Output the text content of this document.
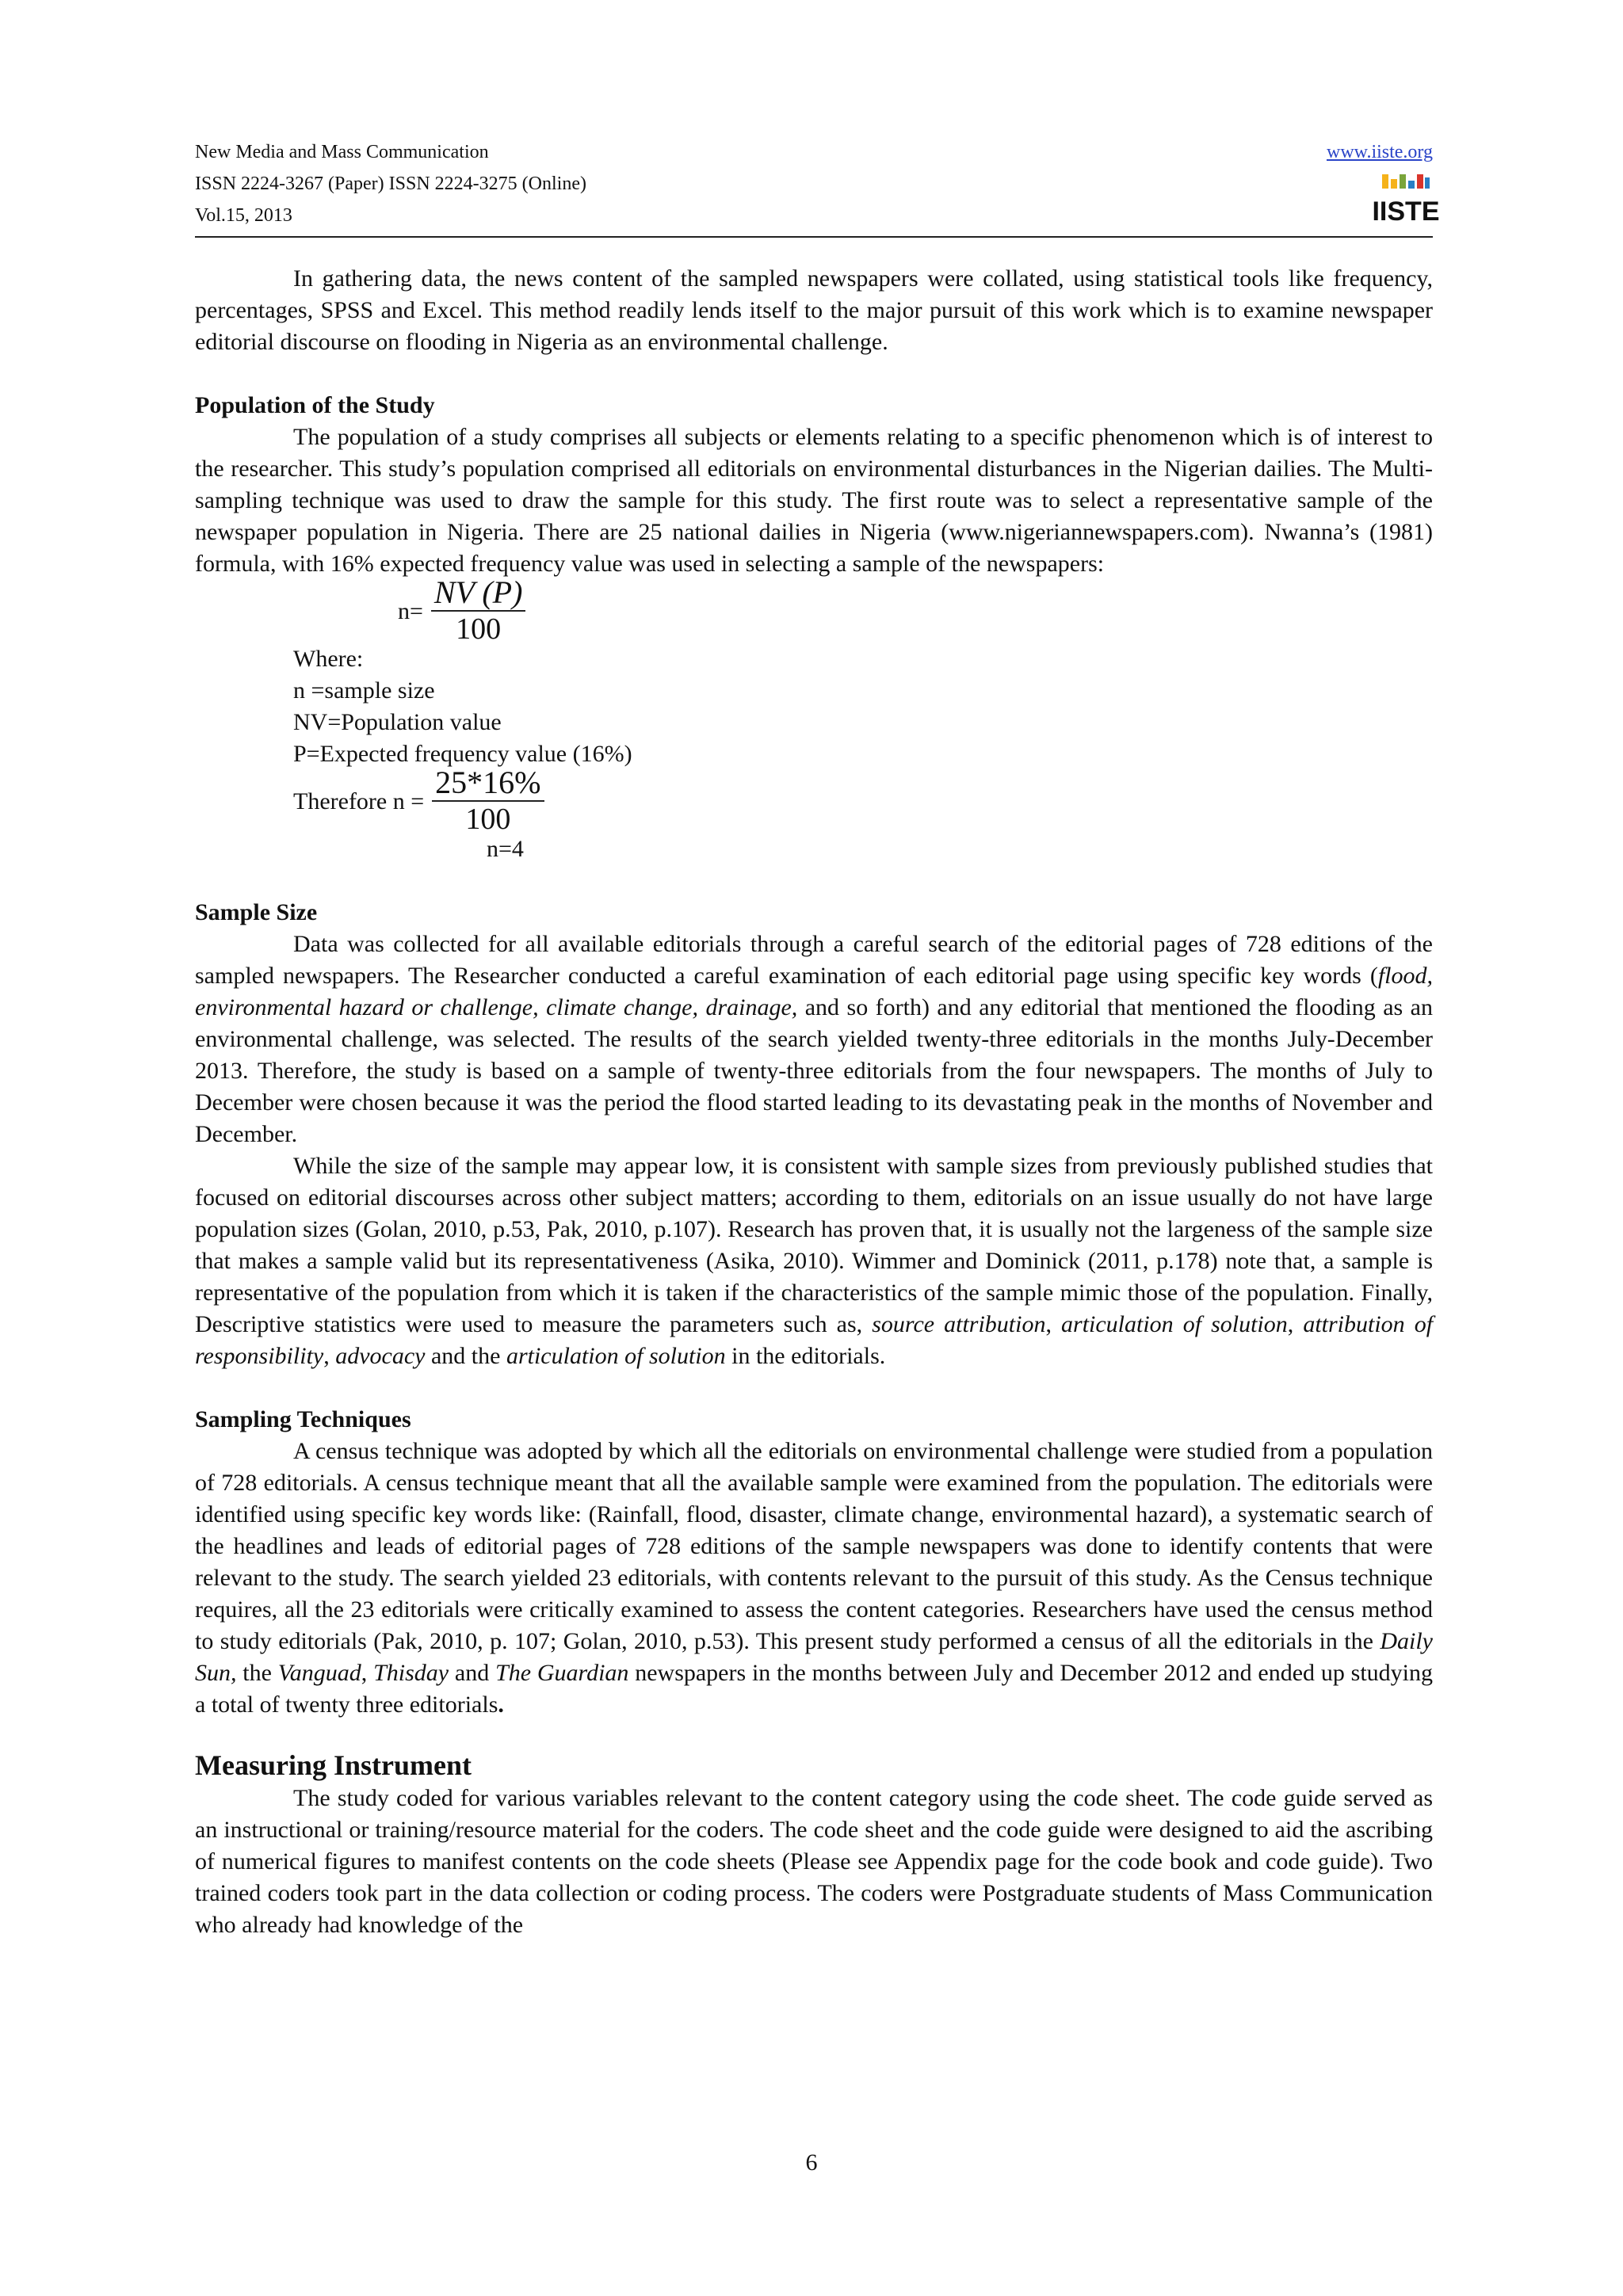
New Media and Mass Communication
ISSN 2224-3267 (Paper) ISSN 2224-3275 (Online)
Vol.15, 2013
www.iiste.org
IISTE

In gathering data, the news content of the sampled newspapers were collated, using statistical tools like frequency, percentages, SPSS and Excel. This method readily lends itself to the major pursuit of this work which is to examine newspaper editorial discourse on flooding in Nigeria as an environmental challenge.

Population of the Study

The population of a study comprises all subjects or elements relating to a specific phenomenon which is of interest to the researcher. This study’s population comprised all editorials on environmental disturbances in the Nigerian dailies. The Multi-sampling technique was used to draw the sample for this study. The first route was to select a representative sample of the newspaper population in Nigeria. There are 25 national dailies in Nigeria (www.nigeriannewspapers.com). Nwanna’s (1981) formula, with 16% expected frequency value was used in selecting a sample of the newspapers:

$n= \frac{NV (P)}{100}$
Where:
n =sample size
NV=Population value
P=Expected frequency value (16%)
Therefore $n = \frac{25*16\%}{100}$
n=4
Sample Size

Data was collected for all available editorials through a careful search of the editorial pages of 728 editions of the sampled newspapers. The Researcher conducted a careful examination of each editorial page using specific key words (flood, environmental hazard or challenge, climate change, drainage, and so forth) and any editorial that mentioned the flooding as an environmental challenge, was selected. The results of the search yielded twenty-three editorials in the months July-December 2013. Therefore, the study is based on a sample of twenty-three editorials from the four newspapers. The months of July to December were chosen because it was the period the flood started leading to its devastating peak in the months of November and December.

While the size of the sample may appear low, it is consistent with sample sizes from previously published studies that focused on editorial discourses across other subject matters; according to them, editorials on an issue usually do not have large population sizes (Golan, 2010, p.53, Pak, 2010, p.107). Research has proven that, it is usually not the largeness of the sample size that makes a sample valid but its representativeness (Asika, 2010). Wimmer and Dominick (2011, p.178) note that, a sample is representative of the population from which it is taken if the characteristics of the sample mimic those of the population. Finally, Descriptive statistics were used to measure the parameters such as, source attribution, articulation of solution, attribution of responsibility, advocacy and the articulation of solution in the editorials.

Sampling Techniques

A census technique was adopted by which all the editorials on environmental challenge were studied from a population of 728 editorials. A census technique meant that all the available sample were examined from the population. The editorials were identified using specific key words like: (Rainfall, flood, disaster, climate change, environmental hazard), a systematic search of the headlines and leads of editorial pages of 728 editions of the sample newspapers was done to identify contents that were relevant to the study. The search yielded 23 editorials, with contents relevant to the pursuit of this study. As the Census technique requires, all the 23 editorials were critically examined to assess the content categories. Researchers have used the census method to study editorials (Pak, 2010, p. 107; Golan, 2010, p.53). This present study performed a census of all the editorials in the Daily Sun, the Vanguad, Thisday and The Guardian newspapers in the months between July and December 2012 and ended up studying a total of twenty three editorials.

Measuring Instrument

The study coded for various variables relevant to the content category using the code sheet. The code guide served as an instructional or training/resource material for the coders. The code sheet and the code guide were designed to aid the ascribing of numerical figures to manifest contents on the code sheets (Please see Appendix page for the code book and code guide). Two trained coders took part in the data collection or coding process. The coders were Postgraduate students of Mass Communication who already had knowledge of the

6
